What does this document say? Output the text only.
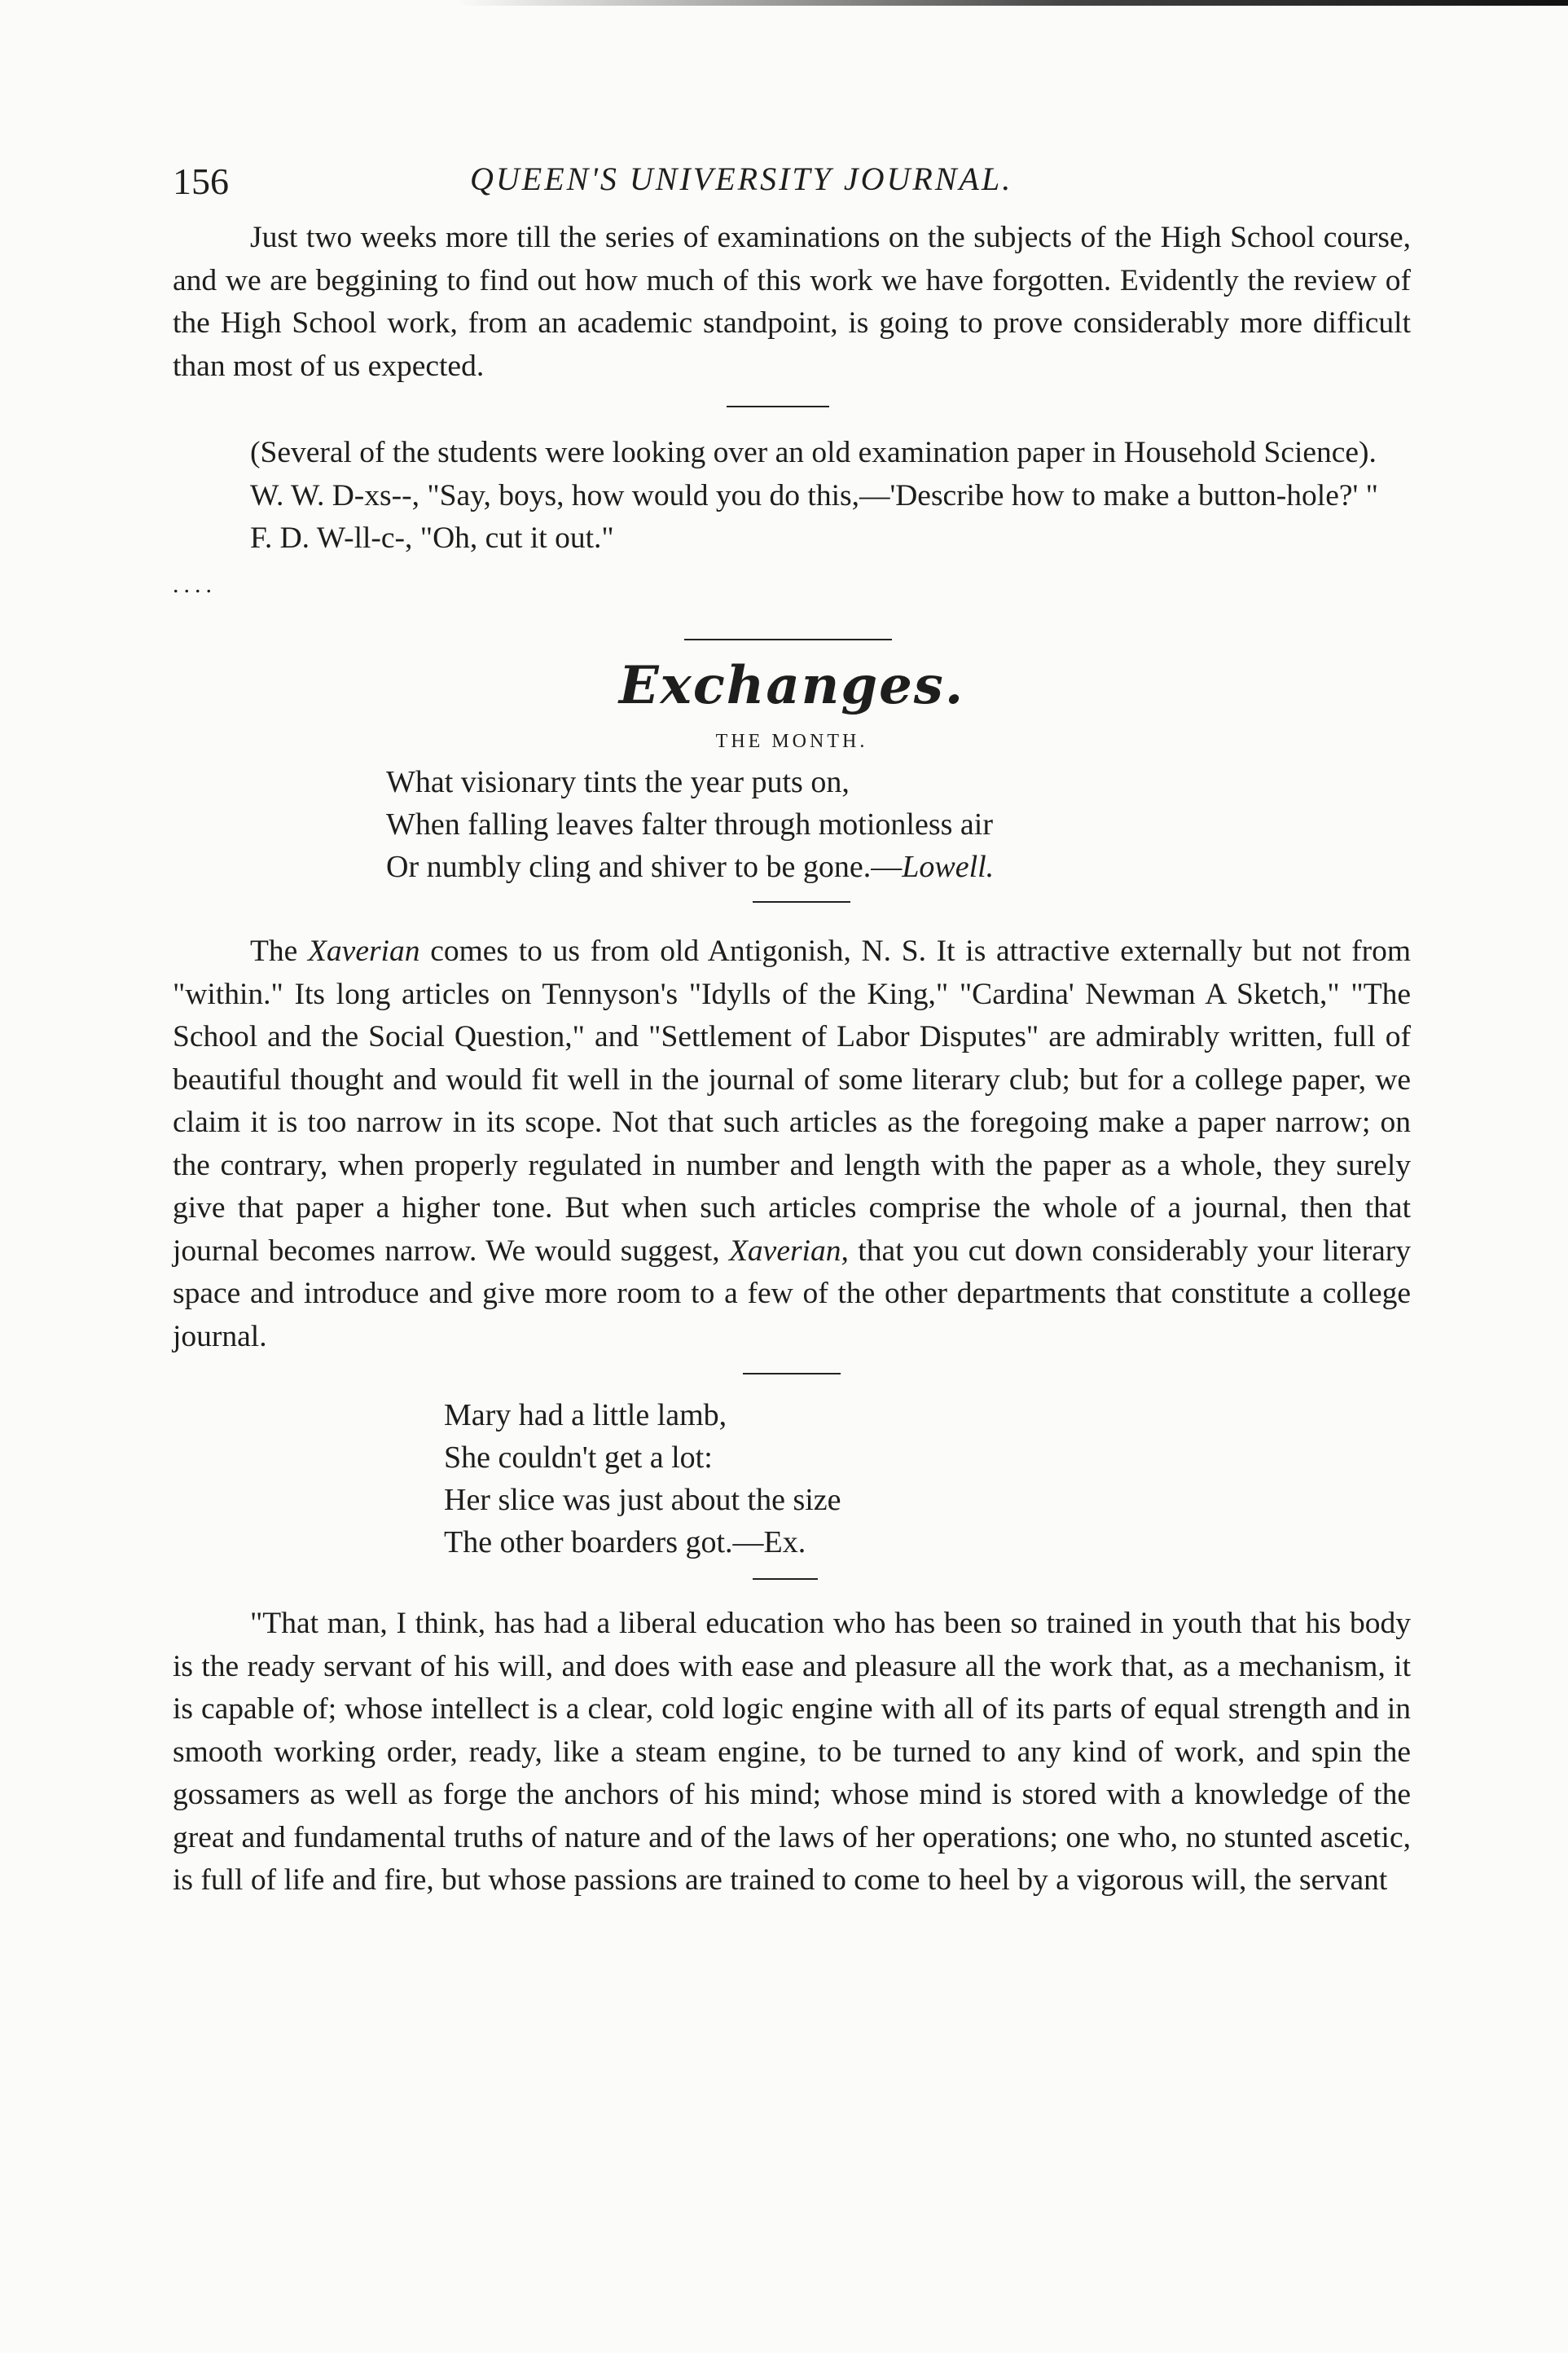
156	QUEEN'S UNIVERSITY JOURNAL.

Just two weeks more till the series of examinations on the subjects of the High School course, and we are beggining to find out how much of this work we have forgotten. Evidently the review of the High School work, from an academic standpoint, is going to prove considerably more difficult than most of us expected.

(Several of the students were looking over an old examination paper in Household Science).

W. W. D-xs--, "Say, boys, how would you do this,—'Describe how to make a button-hole?' "

F. D. W-ll-c-, "Oh, cut it out."

....

Exchanges.
THE MONTH.

What visionary tints the year puts on,

When falling leaves falter through motionless air

Or numbly cling and shiver to be gone.—Lowell.

The Xaverian comes to us from old Antigonish, N. S. It is attractive externally but not from "within." Its long articles on Tennyson's "Idylls of the King," "Cardina' Newman A Sketch," "The School and the Social Question," and "Settlement of Labor Disputes" are admirably written, full of beautiful thought and would fit well in the journal of some literary club; but for a college paper, we claim it is too narrow in its scope. Not that such articles as the foregoing make a paper narrow; on the contrary, when properly regulated in number and length with the paper as a whole, they surely give that paper a higher tone. But when such articles comprise the whole of a journal, then that journal becomes narrow. We would suggest, Xaverian, that you cut down considerably your literary space and introduce and give more room to a few of the other departments that constitute a college journal.

Mary had a little lamb,

She couldn't get a lot:

Her slice was just about the size

The other boarders got.—Ex.

"That man, I think, has had a liberal education who has been so trained in youth that his body is the ready servant of his will, and does with ease and pleasure all the work that, as a mechanism, it is capable of; whose intellect is a clear, cold logic engine with all of its parts of equal strength and in smooth working order, ready, like a steam engine, to be turned to any kind of work, and spin the gossamers as well as forge the anchors of his mind; whose mind is stored with a knowledge of the great and fundamental truths of nature and of the laws of her operations; one who, no stunted ascetic, is full of life and fire, but whose passions are trained to come to heel by a vigorous will, the servant
